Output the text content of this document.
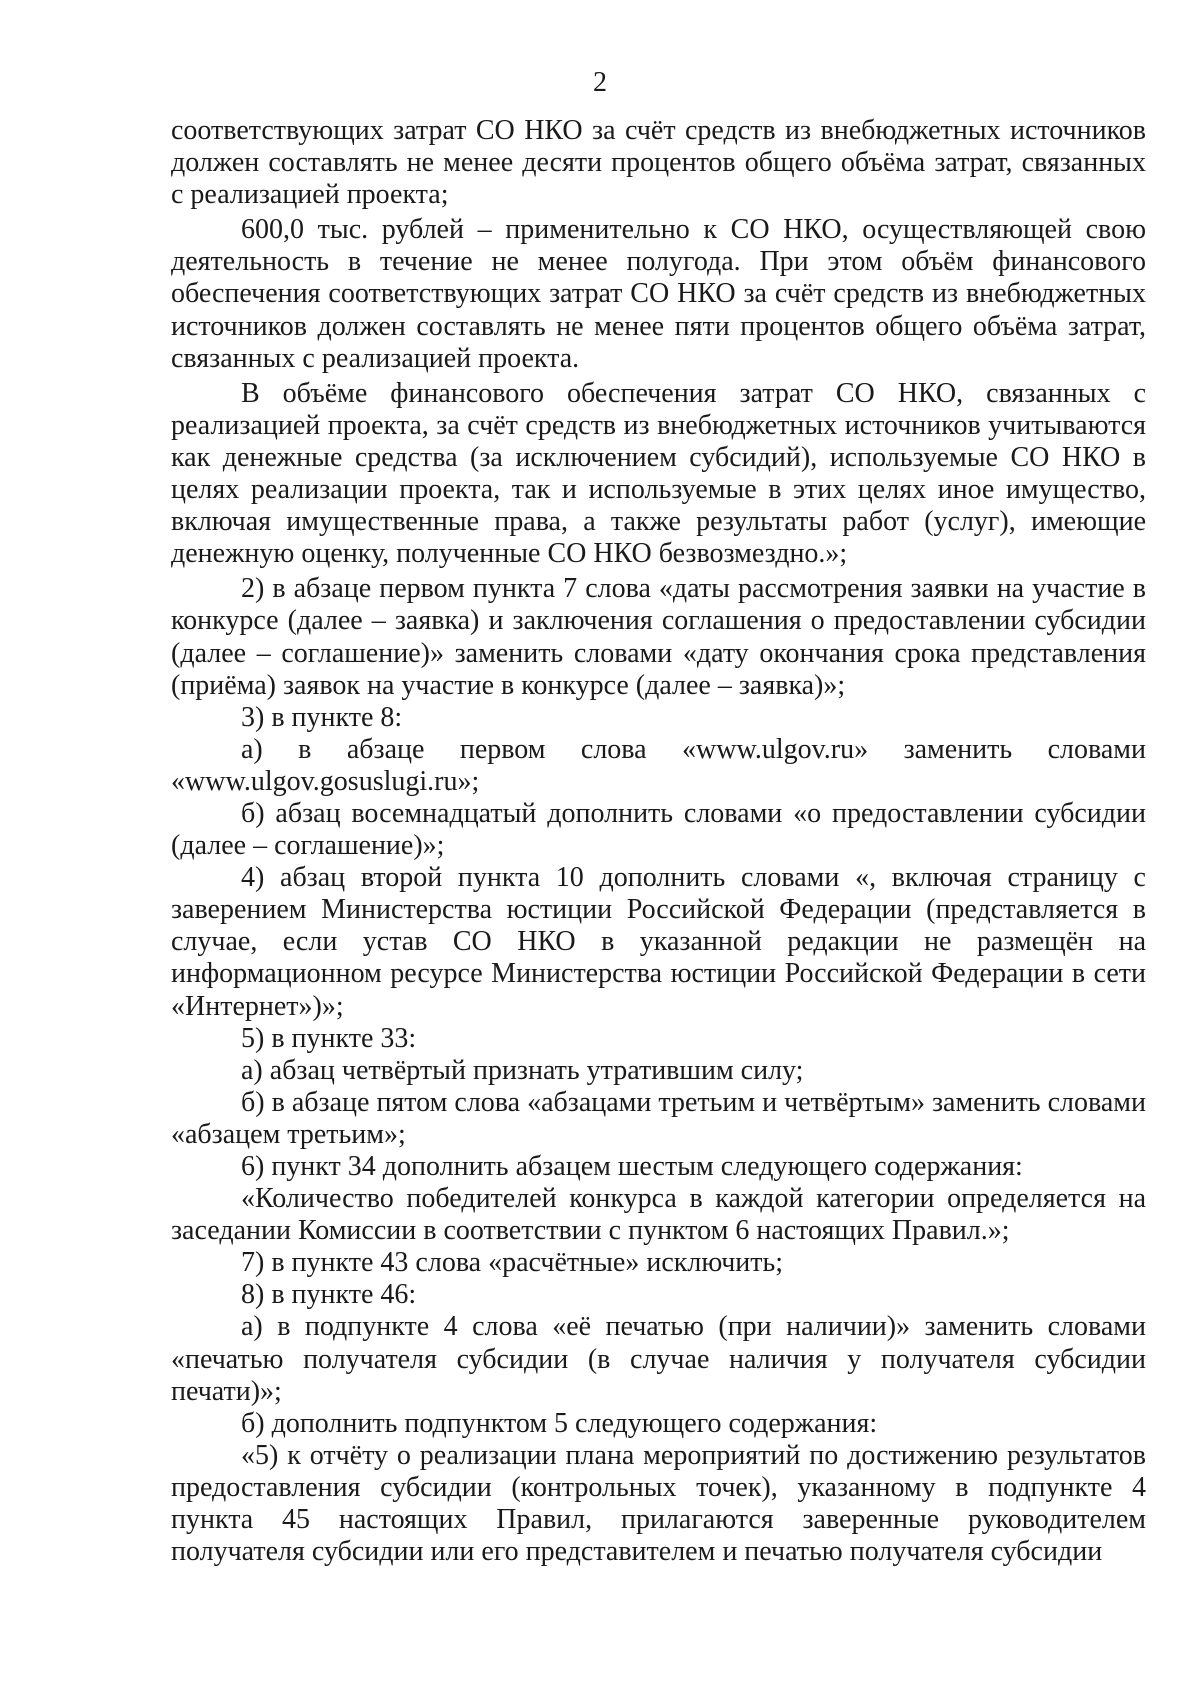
2

соответствующих затрат СО НКО за счёт средств из внебюджетных источников должен составлять не менее десяти процентов общего объёма затрат, связанных с реализацией проекта;

600,0 тыс. рублей – применительно к СО НКО, осуществляющей свою деятельность в течение не менее полугода. При этом объём финансового обеспечения соответствующих затрат СО НКО за счёт средств из внебюджетных источников должен составлять не менее пяти процентов общего объёма затрат, связанных с реализацией проекта.

В объёме финансового обеспечения затрат СО НКО, связанных с реализацией проекта, за счёт средств из внебюджетных источников учитываются как денежные средства (за исключением субсидий), используемые СО НКО в целях реализации проекта, так и используемые в этих целях иное имущество, включая имущественные права, а также результаты работ (услуг), имеющие денежную оценку, полученные СО НКО безвозмездно.»;

2) в абзаце первом пункта 7 слова «даты рассмотрения заявки на участие в конкурсе (далее – заявка) и заключения соглашения о предоставлении субсидии (далее – соглашение)» заменить словами «дату окончания срока представления (приёма) заявок на участие в конкурсе (далее – заявка)»;

3) в пункте 8:

а) в абзаце первом слова «www.ulgov.ru» заменить словами «www.ulgov.gosuslugi.ru»;

б) абзац восемнадцатый дополнить словами «о предоставлении субсидии (далее – соглашение)»;

4) абзац второй пункта 10 дополнить словами «, включая страницу с заверением Министерства юстиции Российской Федерации (представляется в случае, если устав СО НКО в указанной редакции не размещён на информационном ресурсе Министерства юстиции Российской Федерации в сети «Интернет»)»;

5) в пункте 33:

а) абзац четвёртый признать утратившим силу;

б) в абзаце пятом слова «абзацами третьим и четвёртым» заменить словами «абзацем третьим»;

6) пункт 34 дополнить абзацем шестым следующего содержания:

«Количество победителей конкурса в каждой категории определяется на заседании Комиссии в соответствии с пунктом 6 настоящих Правил.»;

7) в пункте 43 слова «расчётные» исключить;

8) в пункте 46:

а) в подпункте 4 слова «её печатью (при наличии)» заменить словами «печатью получателя субсидии (в случае наличия у получателя субсидии печати)»;

б) дополнить подпунктом 5 следующего содержания:

«5) к отчёту о реализации плана мероприятий по достижению результатов предоставления субсидии (контрольных точек), указанному в подпункте 4 пункта 45 настоящих Правил, прилагаются заверенные руководителем получателя субсидии или его представителем и печатью получателя субсидии
